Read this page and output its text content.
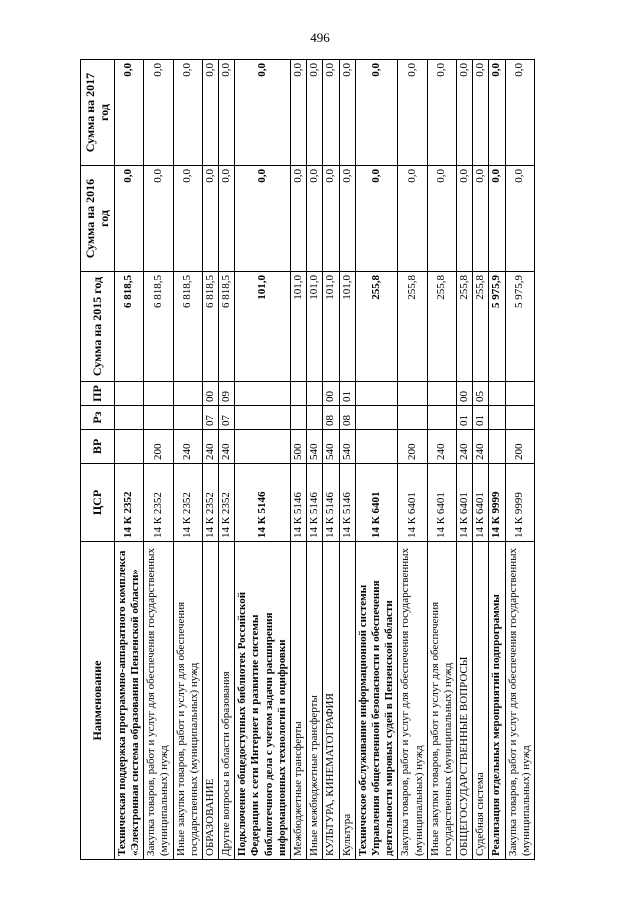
496
Наименование	ЦСР	ВР	Рз	ПР	Сумма на 2015 год	Сумма на 2016 год	Сумма на 2017 год
Техническая поддержка программно-аппаратного комплекса «Электронная система образования Пензенской области»	14 К 2352				6 818,5	0,0	0,0
Закупка товаров, работ и услуг для обеспечения государственных (муниципальных) нужд	14 К 2352	200			6 818,5	0,0	0,0
Иные закупки товаров, работ и услуг для обеспечения государственных (муниципальных) нужд	14 К 2352	240			6 818,5	0,0	0,0
ОБРАЗОВАНИЕ	14 К 2352	240	07	00	6 818,5	0,0	0,0
Другие вопросы в области образования	14 К 2352	240	07	09	6 818,5	0,0	0,0
Подключение общедоступных библиотек Российской Федерации к сети Интернет и развитие системы библиотечного дела с учетом задачи расширения информационных технологий и оцифровки	14 К 5146				101,0	0,0	0,0
Межбюджетные трансферты	14 К 5146	500			101,0	0,0	0,0
Иные межбюджетные трансферты	14 К 5146	540			101,0	0,0	0,0
КУЛЬТУРА, КИНЕМАТОГРАФИЯ	14 К 5146	540	08	00	101,0	0,0	0,0
Культура	14 К 5146	540	08	01	101,0	0,0	0,0
Техническое обслуживание информационной системы Управления общественной безопасности и обеспечения деятельности мировых судей в Пензенской области	14 К 6401				255,8	0,0	0,0
Закупка товаров, работ и услуг для обеспечения государственных (муниципальных) нужд	14 К 6401	200			255,8	0,0	0,0
Иные закупки товаров, работ и услуг для обеспечения государственных (муниципальных) нужд	14 К 6401	240			255,8	0,0	0,0
ОБЩЕГОСУДАРСТВЕННЫЕ ВОПРОСЫ	14 К 6401	240	01	00	255,8	0,0	0,0
Судебная система	14 К 6401	240	01	05	255,8	0,0	0,0
Реализация отдельных мероприятий подпрограммы	14 К 9999				5 975,9	0,0	0,0
Закупка товаров, работ и услуг для обеспечения государственных (муниципальных) нужд	14 К 9999	200			5 975,9	0,0	0,0
